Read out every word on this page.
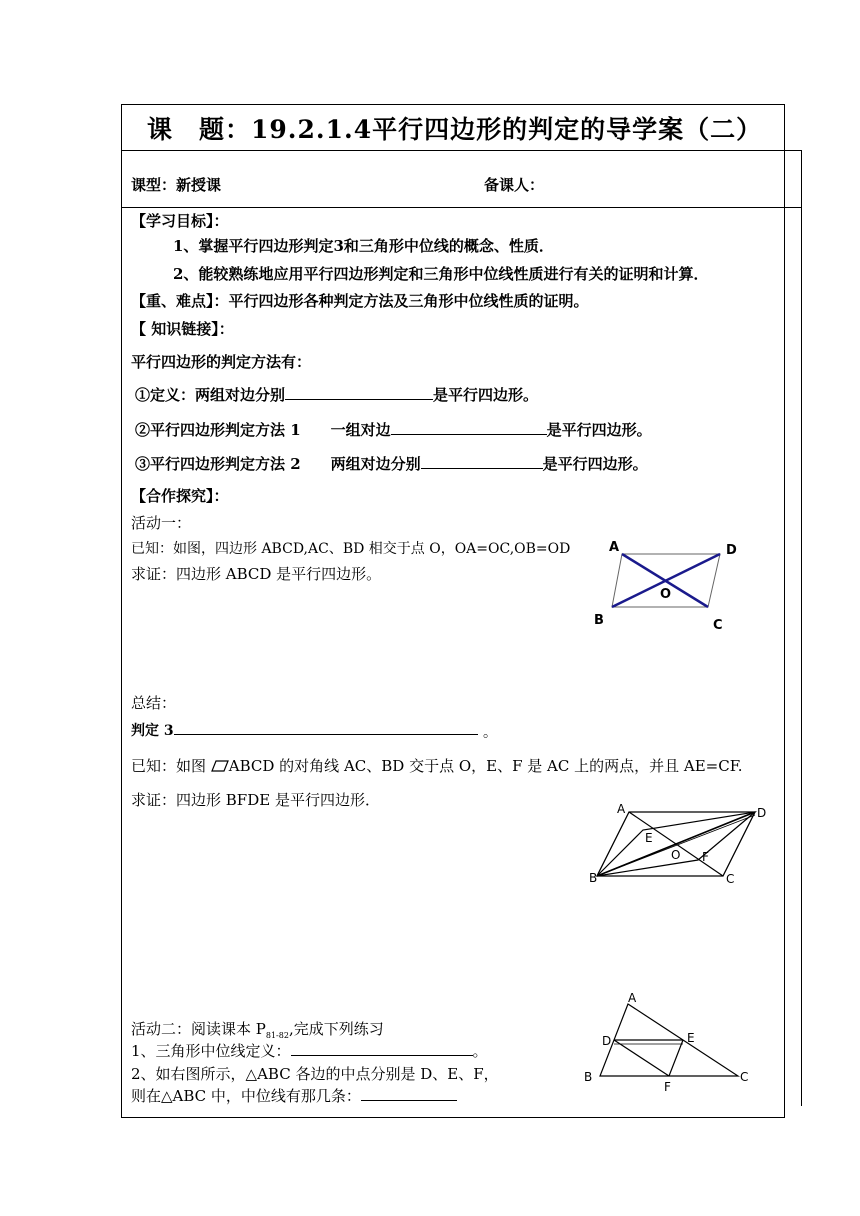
课　题：19.2.1.4平行四边形的判定的导学案（二）
课型：新授课	备课人：
【学习目标】：
1、掌握平行四边形判定3和三角形中位线的概念、性质．
2、能较熟练地应用平行四边形判定和三角形中位线性质进行有关的证明和计算．
【重、难点】：平行四边形各种判定方法及三角形中位线性质的证明。
【 知识链接】：
平行四边形的判定方法有：
①定义：两组对边分别	是平行四边形。
②平行四边形判定方法 1　　一组对边	是平行四边形。
③平行四边形判定方法 2　　两组对边分别	是平行四边形。
【合作探究】：
活动一：
已知：如图，四边形 ABCD,AC、BD 相交于点 O，OA=OC,OB=OD
求证：四边形 ABCD 是平行四边形。
A	D
O
B	C
总结：
判定 3	。
已知：如图 ABCD 的对角线 AC、BD 交于点 O，E、F 是 AC 上的两点，并且 AE=CF.
求证：四边形 BFDE 是平行四边形．	A	D
E
O F
B	C
活动二：阅读课本 $P_{81-82}$,完成下列练习
1、三角形中位线定义：	。
2、如右图所示，△ABC 各边的中点分别是 D、E、F，
则在△ABC 中，中位线有那几条：
A
D	E
B
F
C
